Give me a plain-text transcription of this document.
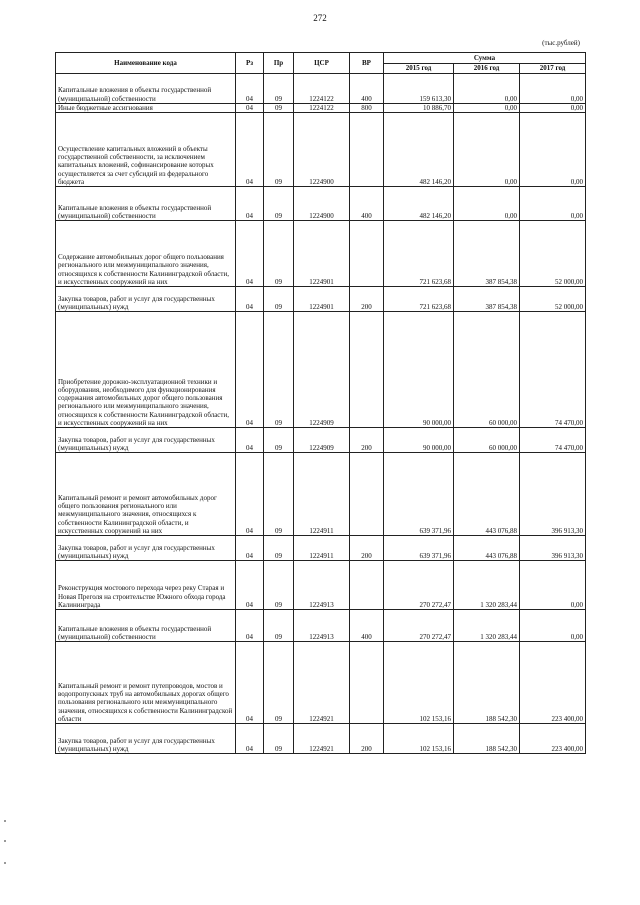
272
(тыс.рублей)
Наименование кода	Рз	Пр	ЦСР	ВР	Сумма		
					2015 год	2016 год	2017 год
Капитальные вложения в объекты государственной (муниципальной) собственности	04	09	1224122	400	159 613,30	0,00	0,00
Иные бюджетные ассигнования	04	09	1224122	800	10 886,70	0,00	0,00
Осуществление капитальных вложений в объекты государственной собственности, за исключением капитальных вложений, софинансирование которых осуществляется за счет субсидий из федерального бюджета	04	09	1224900		482 146,20	0,00	0,00
Капитальные вложения в объекты государственной (муниципальной) собственности	04	09	1224900	400	482 146,20	0,00	0,00
Содержание автомобильных дорог общего пользования регионального или межмуниципального значения, относящихся к собственности Калининградской области, и искусственных сооружений на них	04	09	1224901		721 623,68	387 854,38	52 000,00
Закупка товаров, работ и услуг для государственных (муниципальных) нужд	04	09	1224901	200	721 623,68	387 854,38	52 000,00
Приобретение дорожно-эксплуатационной техники и оборудования, необходимого для функционирования содержания автомобильных дорог общего пользования регионального или межмуниципального значения, относящихся к собственности Калининградской области, и искусственных сооружений на них	04	09	1224909		90 000,00	60 000,00	74 470,00
Закупка товаров, работ и услуг для государственных (муниципальных) нужд	04	09	1224909	200	90 000,00	60 000,00	74 470,00
Капитальный ремонт и ремонт автомобильных дорог общего пользования регионального или межмуниципального значения, относящихся к собственности Калининградской области, и искусственных сооружений на них	04	09	1224911		639 371,96	443 076,88	396 913,30
Закупка товаров, работ и услуг для государственных (муниципальных) нужд	04	09	1224911	200	639 371,96	443 076,88	396 913,30
Реконструкция мостового перехода через реку Старая и Новая Преголя на строительстве Южного обхода города Калининграда	04	09	1224913		270 272,47	1 320 283,44	0,00
Капитальные вложения в объекты государственной (муниципальной) собственности	04	09	1224913	400	270 272,47	1 320 283,44	0,00
Капитальный ремонт и ремонт путепроводов, мостов и водопропускных труб на автомобильных дорогах общего пользования регионального или межмуниципального значения, относящихся к собственности Калининградской области	04	09	1224921		102 153,16	188 542,30	223 400,00
Закупка товаров, работ и услуг для государственных (муниципальных) нужд	04	09	1224921	200	102 153,16	188 542,30	223 400,00
